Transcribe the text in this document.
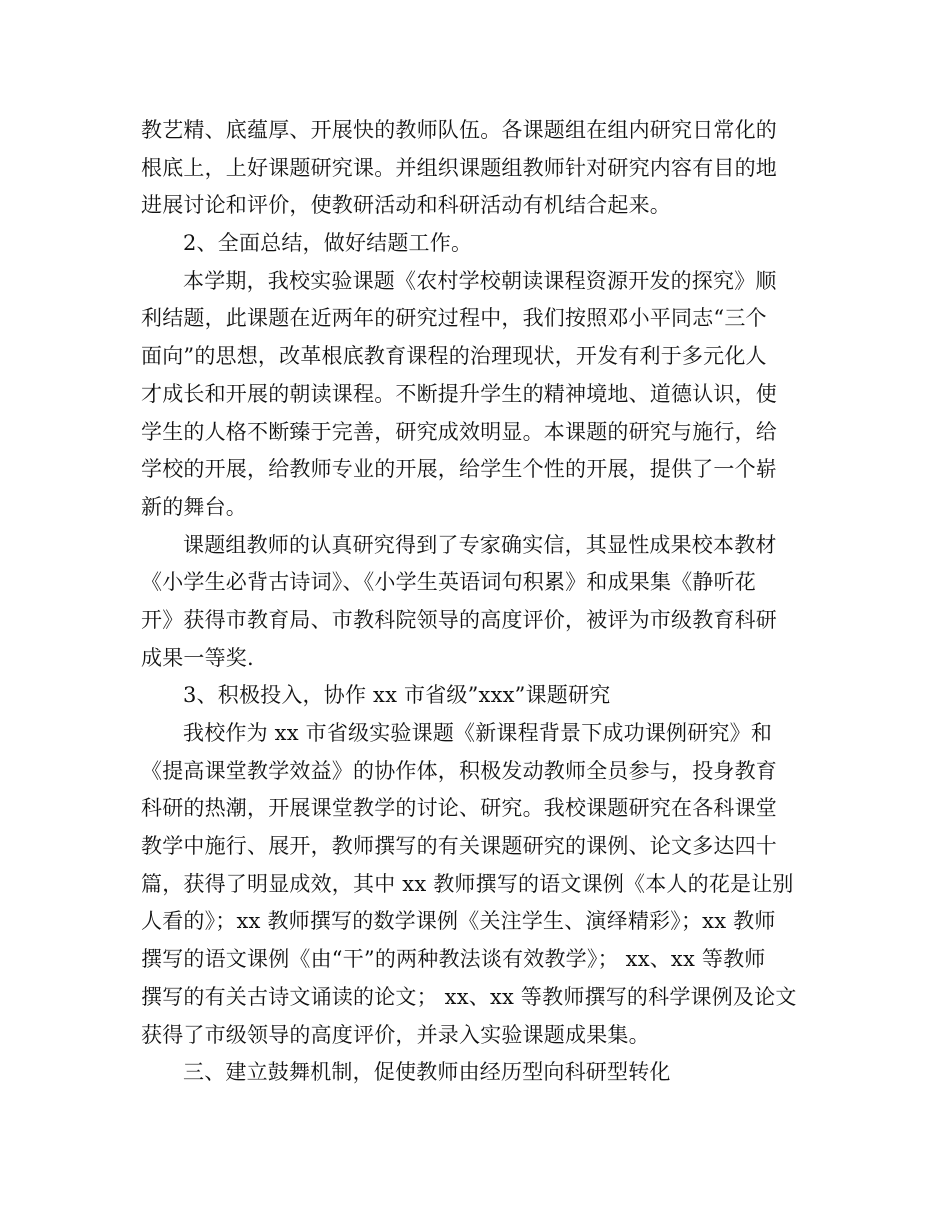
教艺精、底蕴厚、开展快的教师队伍。各课题组在组内研究日常化的
根底上，上好课题研究课。并组织课题组教师针对研究内容有目的地
进展讨论和评价，使教研活动和科研活动有机结合起来。
2、全面总结，做好结题工作。
本学期，我校实验课题《农村学校朝读课程资源开发的探究》顺
利结题，此课题在近两年的研究过程中，我们按照邓小平同志“三个
面向”的思想，改革根底教育课程的治理现状，开发有利于多元化人
才成长和开展的朝读课程。不断提升学生的精神境地、道德认识，使
学生的人格不断臻于完善，研究成效明显。本课题的研究与施行，给
学校的开展，给教师专业的开展，给学生个性的开展，提供了一个崭
新的舞台。
课题组教师的认真研究得到了专家确实信，其显性成果校本教材
《小学生必背古诗词》、《小学生英语词句积累》和成果集《静听花
开》获得市教育局、市教科院领导的高度评价，被评为市级教育科研
成果一等奖.
3、积极投入，协作 xx 市省级”xxx”课题研究
我校作为 xx 市省级实验课题《新课程背景下成功课例研究》和
《提高课堂教学效益》的协作体，积极发动教师全员参与，投身教育
科研的热潮，开展课堂教学的讨论、研究。我校课题研究在各科课堂
教学中施行、展开，教师撰写的有关课题研究的课例、论文多达四十
篇，获得了明显成效，其中 xx 教师撰写的语文课例《本人的花是让别
人看的》；xx 教师撰写的数学课例《关注学生、演绎精彩》；xx 教师
撰写的语文课例《由“干”的两种教法谈有效教学》； xx、xx 等教师
撰写的有关古诗文诵读的论文； xx、xx 等教师撰写的科学课例及论文
获得了市级领导的高度评价，并录入实验课题成果集。
三、建立鼓舞机制，促使教师由经历型向科研型转化
